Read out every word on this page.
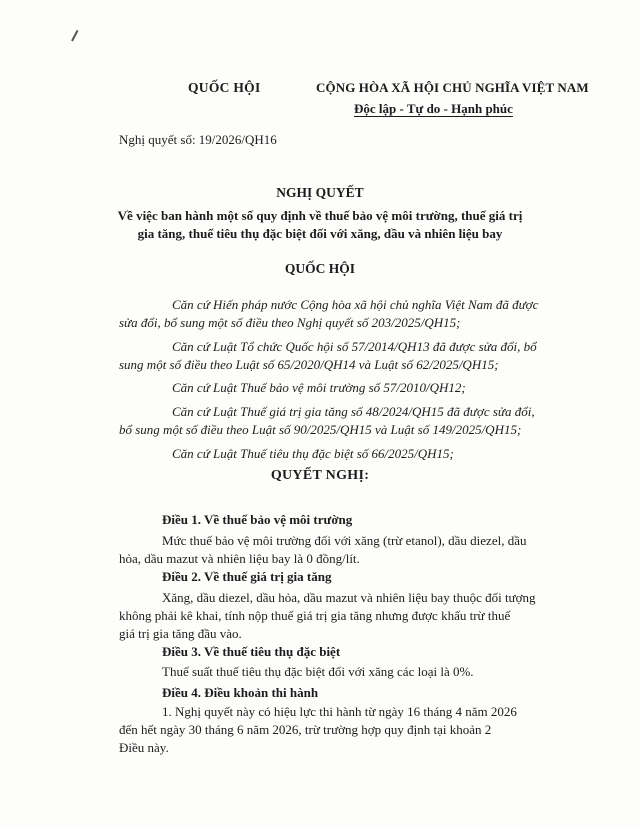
QUỐC HỘI	CỘNG HÒA XÃ HỘI CHỦ NGHĨA VIỆT NAM
Độc lập - Tự do - Hạnh phúc
Nghị quyết số: 19/2026/QH16
NGHỊ QUYẾT
Về việc ban hành một số quy định về thuế bảo vệ môi trường, thuế giá trị
gia tăng, thuế tiêu thụ đặc biệt đối với xăng, dầu và nhiên liệu bay
QUỐC HỘI
Căn cứ Hiến pháp nước Cộng hòa xã hội chủ nghĩa Việt Nam đã được
sửa đổi, bổ sung một số điều theo Nghị quyết số 203/2025/QH15;
Căn cứ Luật Tổ chức Quốc hội số 57/2014/QH13 đã được sửa đổi, bổ
sung một số điều theo Luật số 65/2020/QH14 và Luật số 62/2025/QH15;
Căn cứ Luật Thuế bảo vệ môi trường số 57/2010/QH12;
Căn cứ Luật Thuế giá trị gia tăng số 48/2024/QH15 đã được sửa đổi,
bổ sung một số điều theo Luật số 90/2025/QH15 và Luật số 149/2025/QH15;
Căn cứ Luật Thuế tiêu thụ đặc biệt số 66/2025/QH15;
QUYẾT NGHỊ:
Điều 1. Về thuế bảo vệ môi trường
Mức thuế bảo vệ môi trường đối với xăng (trừ etanol), dầu diezel, dầu
hỏa, dầu mazut và nhiên liệu bay là 0 đồng/lít.
Điều 2. Về thuế giá trị gia tăng
Xăng, dầu diezel, dầu hỏa, dầu mazut và nhiên liệu bay thuộc đối tượng
không phải kê khai, tính nộp thuế giá trị gia tăng nhưng được khấu trừ thuế
giá trị gia tăng đầu vào.
Điều 3. Về thuế tiêu thụ đặc biệt
Thuế suất thuế tiêu thụ đặc biệt đối với xăng các loại là 0%.
Điều 4. Điều khoản thi hành
1. Nghị quyết này có hiệu lực thi hành từ ngày 16 tháng 4 năm 2026
đến hết ngày 30 tháng 6 năm 2026, trừ trường hợp quy định tại khoản 2
Điều này.
